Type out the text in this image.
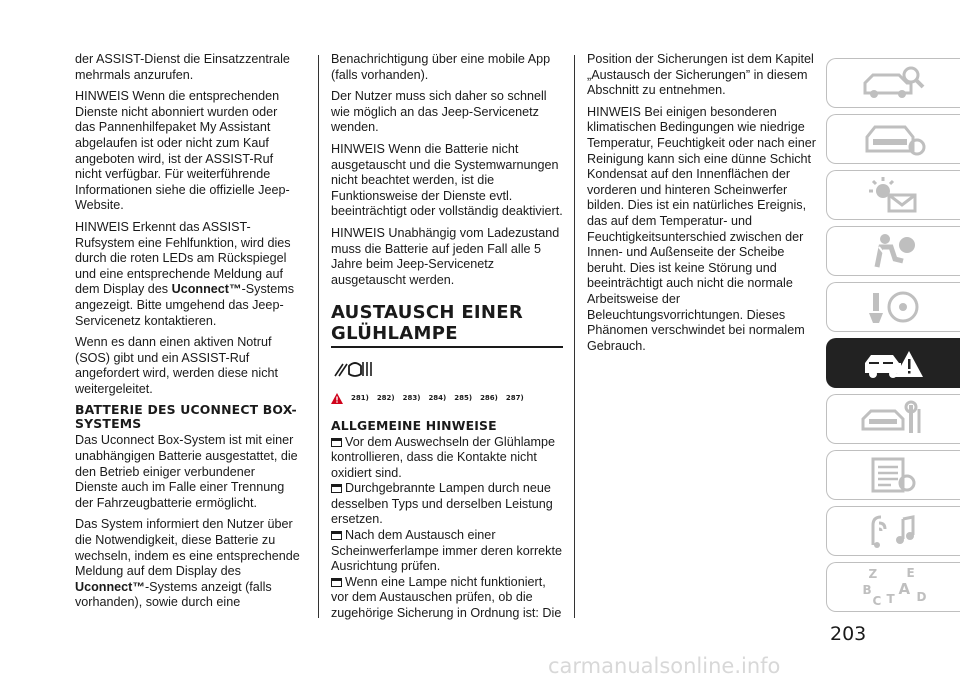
der ASSIST-Dienst die Einsatzzentrale mehrmals anzurufen.

HINWEIS Wenn die entsprechenden Dienste nicht abonniert wurden oder das Pannenhilfepaket My Assistant abgelaufen ist oder nicht zum Kauf angeboten wird, ist der ASSIST-Ruf nicht verfügbar. Für weiterführende Informationen siehe die offizielle Jeep-Website.

HINWEIS Erkennt das ASSIST-Rufsystem eine Fehlfunktion, wird dies durch die roten LEDs am Rückspiegel und eine entsprechende Meldung auf dem Display des Uconnect™-Systems angezeigt. Bitte umgehend das Jeep-Servicenetz kontaktieren.

Wenn es dann einen aktiven Notruf (SOS) gibt und ein ASSIST-Ruf angefordert wird, werden diese nicht weitergeleitet.

BATTERIE DES UCONNECT BOX-SYSTEMS

Das Uconnect Box-System ist mit einer unabhängigen Batterie ausgestattet, die den Betrieb einiger verbundener Dienste auch im Falle einer Trennung der Fahrzeugbatterie ermöglicht.

Das System informiert den Nutzer über die Notwendigkeit, diese Batterie zu wechseln, indem es eine entsprechende Meldung auf dem Display des Uconnect™-Systems anzeigt (falls vorhanden), sowie durch eine

Benachrichtigung über eine mobile App (falls vorhanden).

Der Nutzer muss sich daher so schnell wie möglich an das Jeep-Servicenetz wenden.

HINWEIS Wenn die Batterie nicht ausgetauscht und die Systemwarnungen nicht beachtet werden, ist die Funktionsweise der Dienste evtl. beeinträchtigt oder vollständig deaktiviert.

HINWEIS Unabhängig vom Ladezustand muss die Batterie auf jeden Fall alle 5 Jahre beim Jeep-Servicenetz ausgetauscht werden.

AUSTAUSCH EINER
GLÜHLAMPE
281) 282) 283) 284) 285) 286) 287)
ALLGEMEINE HINWEISE

Vor dem Auswechseln der Glühlampe kontrollieren, dass die Kontakte nicht oxidiert sind.

Durchgebrannte Lampen durch neue desselben Typs und derselben Leistung ersetzen.

Nach dem Austausch einer Scheinwerferlampe immer deren korrekte Ausrichtung prüfen.

Wenn eine Lampe nicht funktioniert, vor dem Austauschen prüfen, ob die zugehörige Sicherung in Ordnung ist: Die

Position der Sicherungen ist dem Kapitel „Austausch der Sicherungen” in diesem Abschnitt zu entnehmen.

HINWEIS Bei einigen besonderen klimatischen Bedingungen wie niedrige Temperatur, Feuchtigkeit oder nach einer Reinigung kann sich eine dünne Schicht Kondensat auf den Innenflächen der vorderen und hinteren Scheinwerfer bilden. Dies ist ein natürliches Ereignis, das auf dem Temperatur- und Feuchtigkeitsunterschied zwischen der Innen- und Außenseite der Scheibe beruht. Dies ist keine Störung und beeinträchtigt auch nicht die normale Arbeitsweise der Beleuchtungsvorrichtungen. Dieses Phänomen verschwindet bei normalem Gebrauch.

Z E
B A
C T D
203
carmanualsonline.info
